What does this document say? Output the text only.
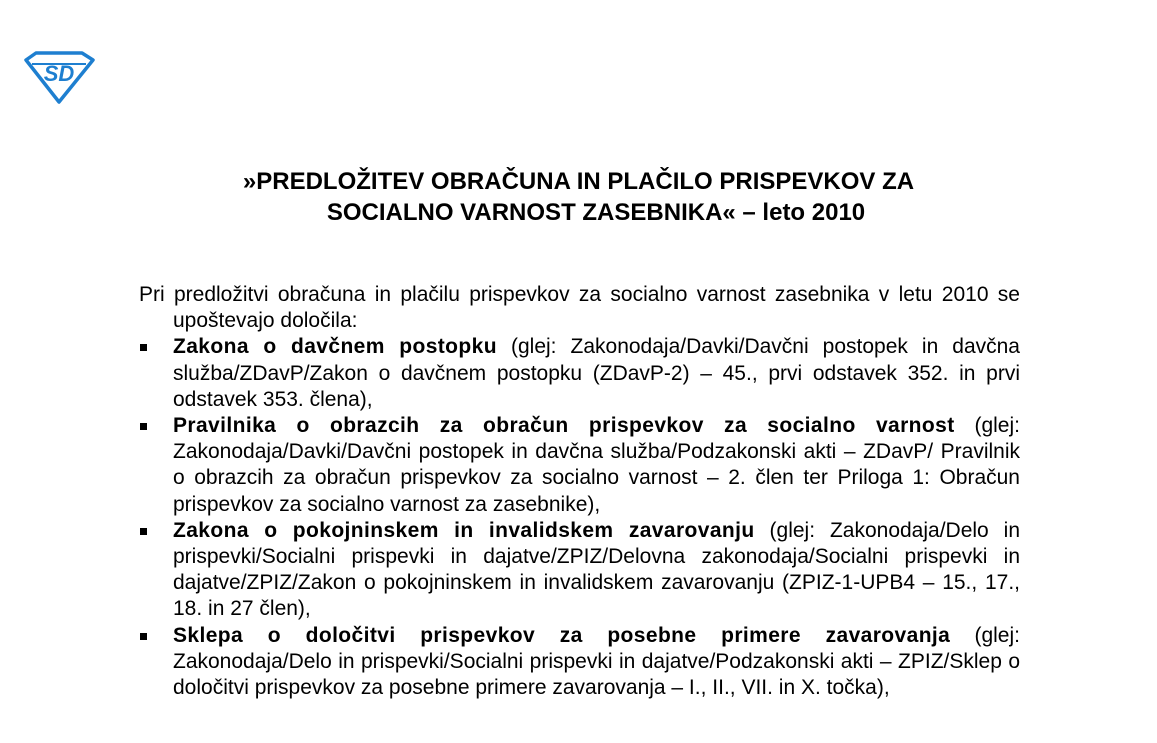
SD
»PREDLOŽITEV OBRAČUNA IN PLAČILO PRISPEVKOV ZA
SOCIALNO VARNOST ZASEBNIKA« – leto 2010

Pri predložitvi obračuna in plačilu prispevkov za socialno varnost zasebnika v letu 2010 se upoštevajo določila:

Zakona o davčnem postopku (glej: Zakonodaja/Davki/Davčni postopek in davčna služba/ZDavP/Zakon o davčnem postopku (ZDavP-2) – 45., prvi odstavek 352. in prvi odstavek 353. člena),
Pravilnika o obrazcih za obračun prispevkov za socialno varnost (glej: Zakonodaja/Davki/Davčni postopek in davčna služba/Podzakonski akti – ZDavP/ Pravilnik o obrazcih za obračun prispevkov za socialno varnost – 2. člen ter Priloga 1: Obračun prispevkov za socialno varnost za zasebnike),
Zakona o pokojninskem in invalidskem zavarovanju (glej: Zakonodaja/Delo in prispevki/Socialni prispevki in dajatve/ZPIZ/Delovna zakonodaja/Socialni prispevki in dajatve/ZPIZ/Zakon o pokojninskem in invalidskem zavarovanju (ZPIZ-1-UPB4 – 15., 17., 18. in 27 člen),
Sklepa o določitvi prispevkov za posebne primere zavarovanja (glej: Zakonodaja/Delo in prispevki/Socialni prispevki in dajatve/Podzakonski akti – ZPIZ/Sklep o določitvi prispevkov za posebne primere zavarovanja – I., II., VII. in X. točka),
